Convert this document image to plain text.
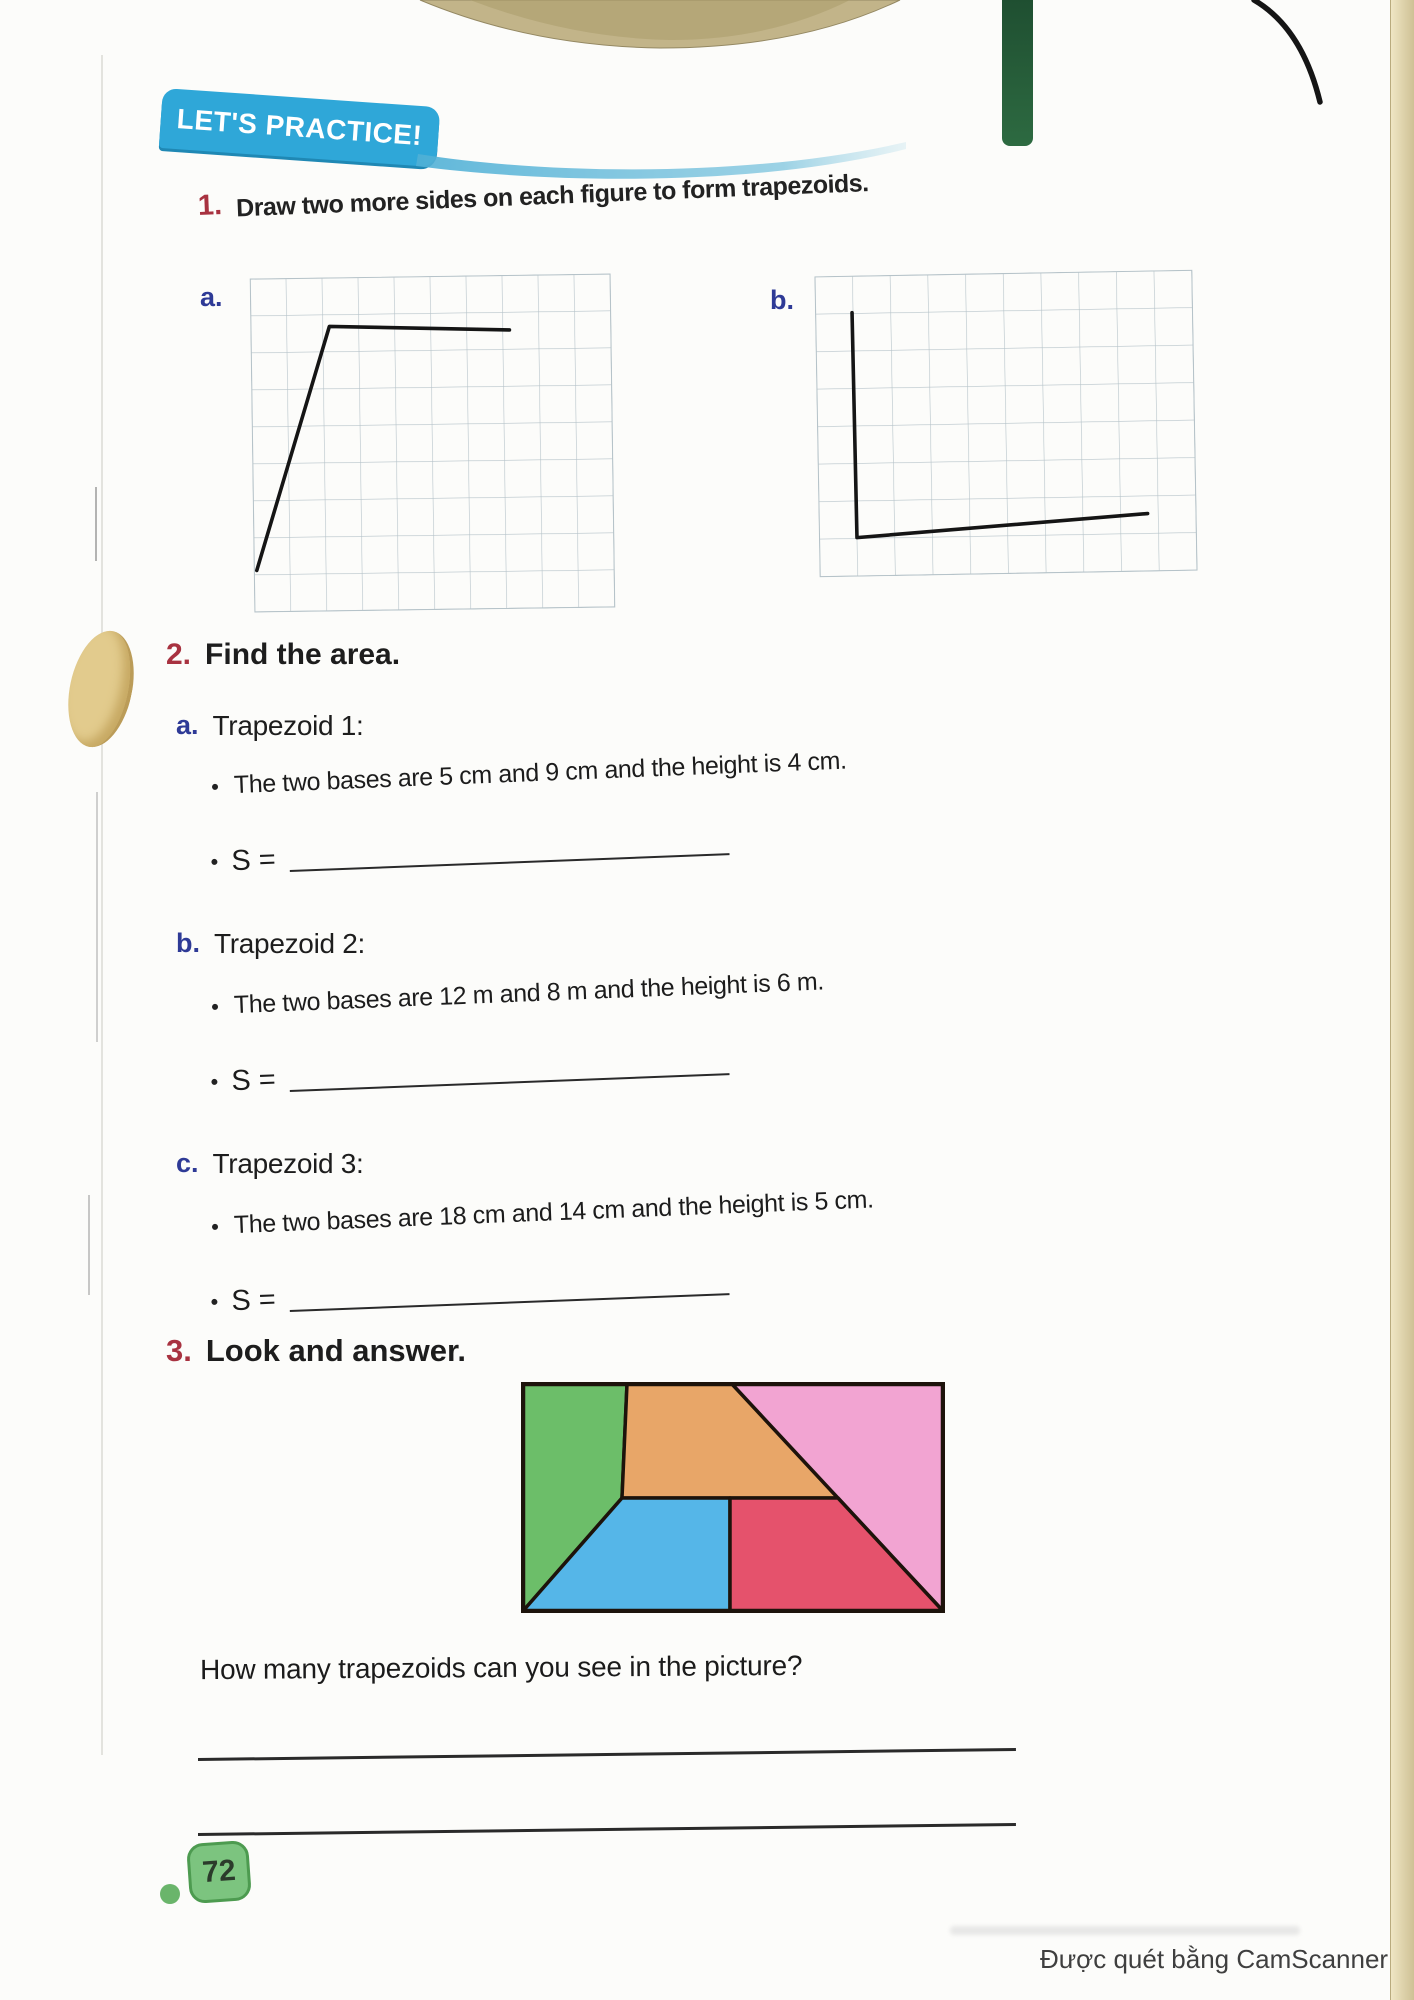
LET'S PRACTICE!
1. Draw two more sides on each figure to form trapezoids.
a.	b.
2. Find the area.
a. Trapezoid 1:
The two bases are 5 cm and 9 cm and the height is 4 cm.
S =
b. Trapezoid 2:
The two bases are 12 m and 8 m and the height is 6 m.
S =
c. Trapezoid 3:
The two bases are 18 cm and 14 cm and the height is 5 cm.
S =
3. Look and answer.
How many trapezoids can you see in the picture?
72
Được quét bằng CamScanner
